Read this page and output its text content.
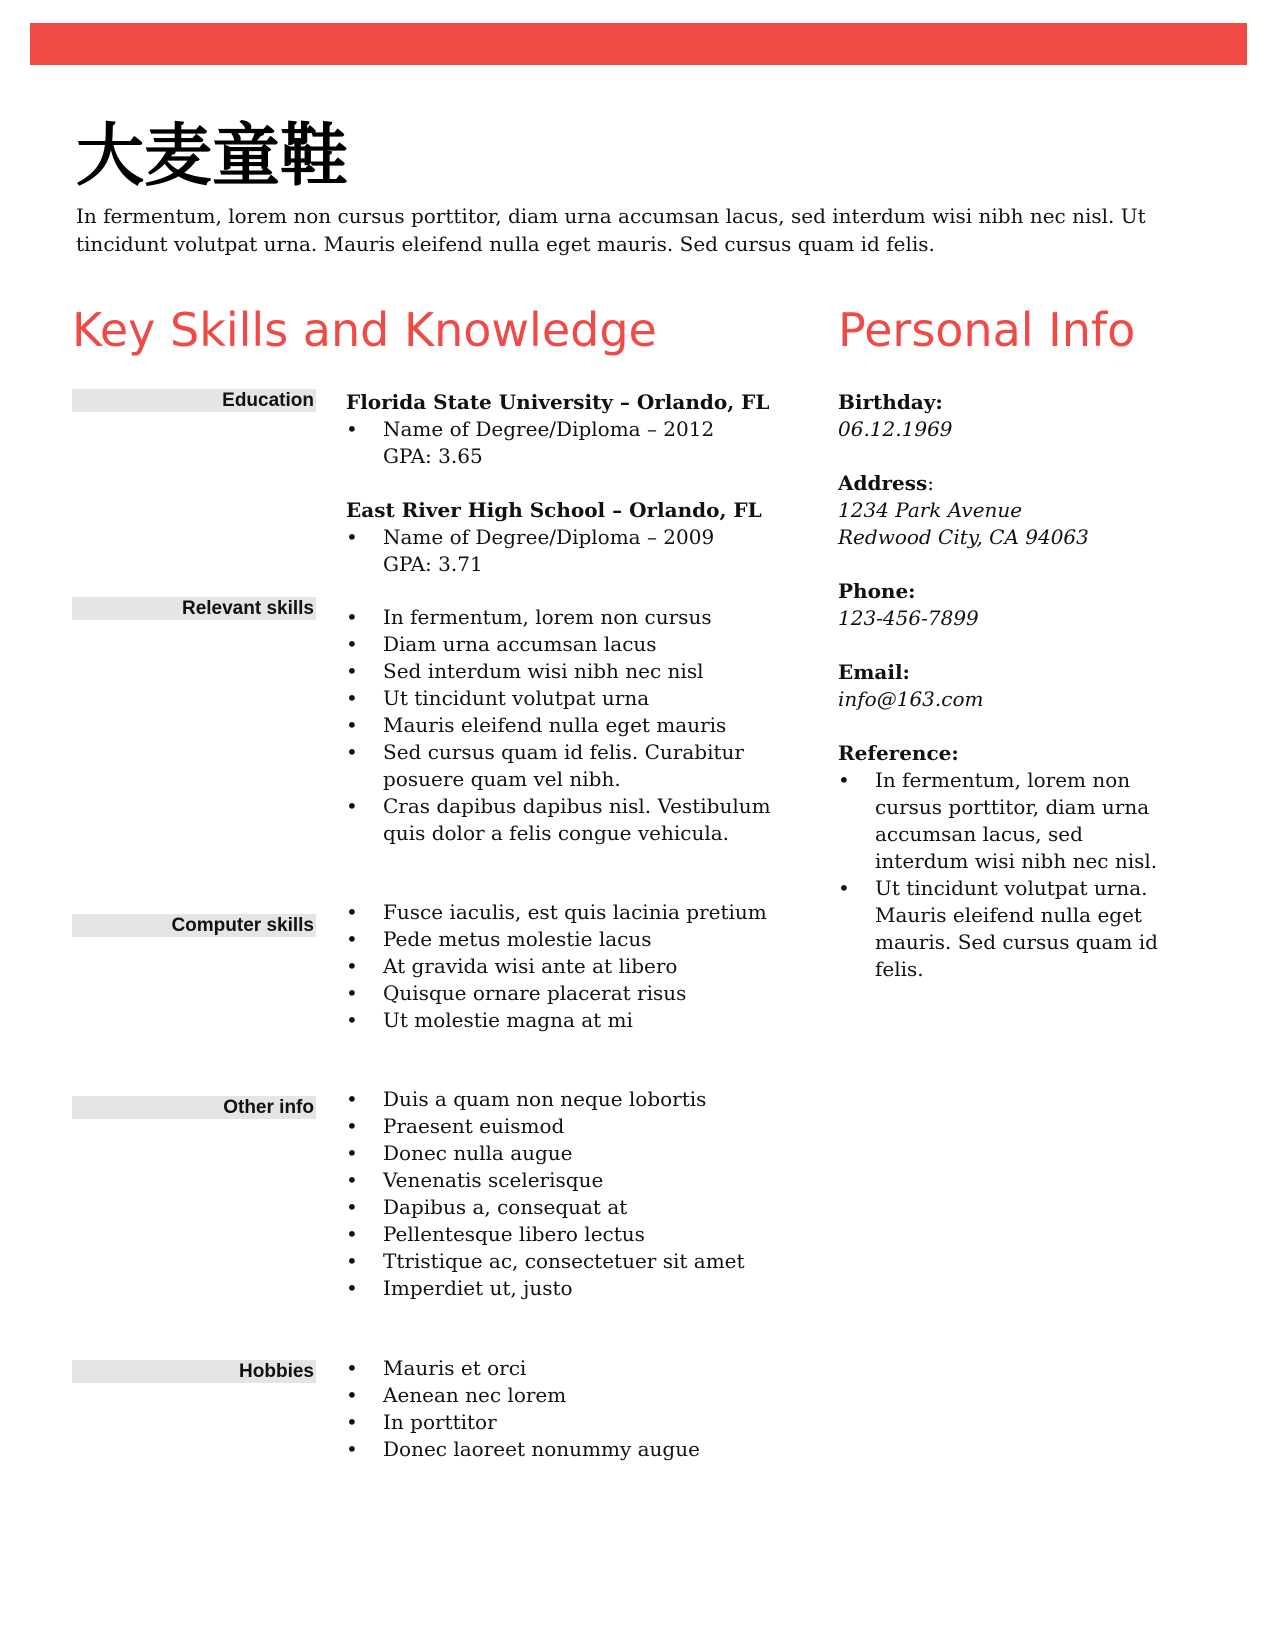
大麦童鞋

In fermentum, lorem non cursus porttitor, diam urna accumsan lacus, sed interdum wisi nibh nec nisl. Ut tincidunt volutpat urna. Mauris eleifend nulla eget mauris. Sed cursus quam id felis.

Key Skills and Knowledge	Personal Info
Education Florida State University – Orlando, FL
• Name of Degree/Diploma – 2012
GPA: 3.65
East River High School – Orlando, FL
• Name of Degree/Diploma – 2009
GPA: 3.71
Relevant skills	• In fermentum, lorem non cursus
• Diam urna accumsan lacus
• Sed interdum wisi nibh nec nisl
• Ut tincidunt volutpat urna
• Mauris eleifend nulla eget mauris
• Sed cursus quam id felis. Curabitur posuere quam vel nibh.
• Cras dapibus dapibus nisl. Vestibulum quis dolor a felis congue vehicula.
Computer skills
• Fusce iaculis, est quis lacinia pretium
• Pede metus molestie lacus
• At gravida wisi ante at libero
• Quisque ornare placerat risus
• Ut molestie magna at mi
Other info	• Duis a quam non neque lobortis
• Praesent euismod
• Donec nulla augue
• Venenatis scelerisque
• Dapibus a, consequat at
• Pellentesque libero lectus
• Ttristique ac, consectetuer sit amet
• Imperdiet ut, justo
Hobbies	• Mauris et orci
• Aenean nec lorem
• In porttitor
• Donec laoreet nonummy augue
Birthday:
06.12.1969
Address:
1234 Park Avenue
Redwood City, CA 94063
Phone:
123-456-7899
Email:
info@163.com
Reference:
• In fermentum, lorem non cursus porttitor, diam urna accumsan lacus, sed interdum wisi nibh nec nisl.
• Ut tincidunt volutpat urna. Mauris eleifend nulla eget mauris. Sed cursus quam id felis.
